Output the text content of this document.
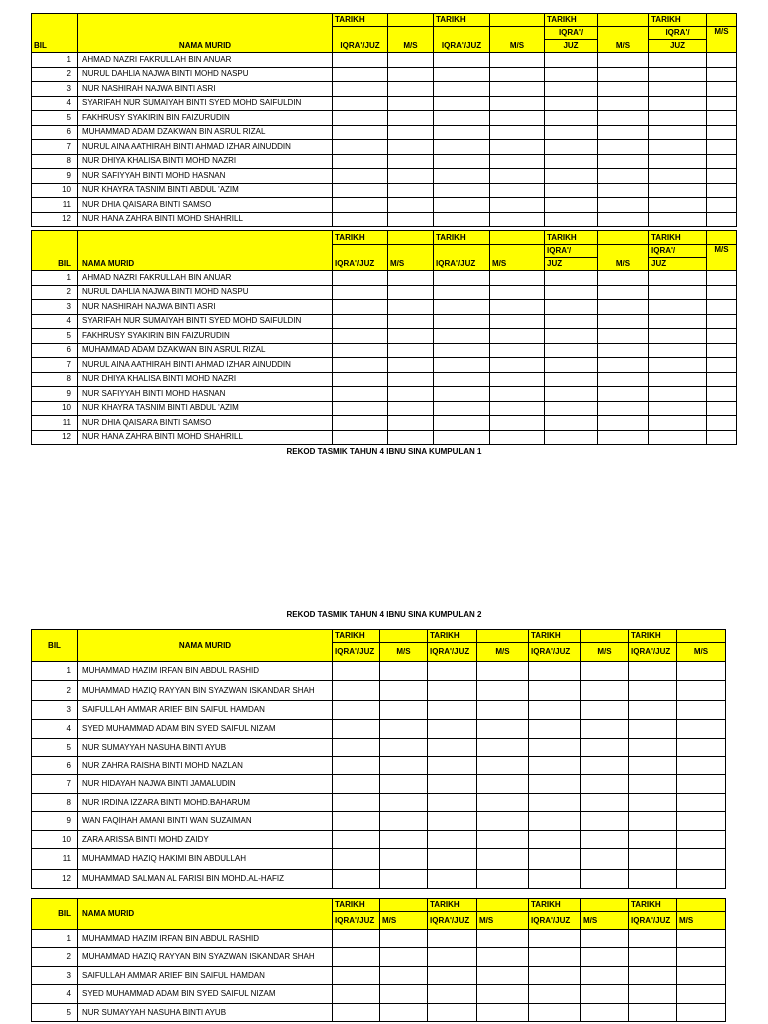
BIL	NAMA MURID	TARIKH		TARIKH		TARIKH		TARIKH	
		IQRA'/JUZ	M/S	IQRA'/JUZ	M/S	IQRA'/	M/S	IQRA'/	M/S
						JUZ		JUZ	
1	AHMAD NAZRI FAKRULLAH BIN ANUAR								
2	NURUL DAHLIA NAJWA BINTI MOHD NASPU								
3	NUR NASHIRAH NAJWA BINTI ASRI								
4	SYARIFAH NUR SUMAIYAH BINTI SYED MOHD SAIFULDIN								
5	FAKHRUSY SYAKIRIN BIN FAIZURUDIN								
6	MUHAMMAD ADAM DZAKWAN BIN ASRUL RIZAL								
7	NURUL AINA AATHIRAH BINTI AHMAD IZHAR AINUDDIN								
8	NUR DHIYA KHALISA BINTI MOHD NAZRI								
9	NUR SAFIYYAH BINTI MOHD HASNAN								
10	NUR KHAYRA TASNIM BINTI ABDUL 'AZIM								
11	NUR DHIA QAISARA BINTI SAMSO								
12	NUR HANA ZAHRA BINTI MOHD SHAHRILL								
BIL	NAMA MURID	TARIKH		TARIKH		TARIKH		TARIKH	
		IQRA'/JUZ	M/S	IQRA'/JUZ	M/S	IQRA'/	M/S	IQRA'/	M/S
						JUZ		JUZ	
1	AHMAD NAZRI FAKRULLAH BIN ANUAR								
2	NURUL DAHLIA NAJWA BINTI MOHD NASPU								
3	NUR NASHIRAH NAJWA BINTI ASRI								
4	SYARIFAH NUR SUMAIYAH BINTI SYED MOHD SAIFULDIN								
5	FAKHRUSY SYAKIRIN BIN FAIZURUDIN								
6	MUHAMMAD ADAM DZAKWAN BIN ASRUL RIZAL								
7	NURUL AINA AATHIRAH BINTI AHMAD IZHAR AINUDDIN								
8	NUR DHIYA KHALISA BINTI MOHD NAZRI								
9	NUR SAFIYYAH BINTI MOHD HASNAN								
10	NUR KHAYRA TASNIM BINTI ABDUL 'AZIM								
11	NUR DHIA QAISARA BINTI SAMSO								
12	NUR HANA ZAHRA BINTI MOHD SHAHRILL								
REKOD TASMIK TAHUN 4 IBNU SINA KUMPULAN 1
REKOD TASMIK TAHUN 4 IBNU SINA KUMPULAN 2
BIL	NAMA MURID	TARIKH		TARIKH		TARIKH		TARIKH	
		IQRA'/JUZ	M/S	IQRA'/JUZ	M/S	IQRA'/JUZ	M/S	IQRA'/JUZ	M/S
1	MUHAMMAD HAZIM IRFAN BIN ABDUL RASHID								
2	MUHAMMAD HAZIQ RAYYAN BIN SYAZWAN ISKANDAR SHAH								
3	SAIFULLAH AMMAR ARIEF BIN SAIFUL HAMDAN								
4	SYED MUHAMMAD ADAM BIN SYED SAIFUL NIZAM								
5	NUR SUMAYYAH NASUHA BINTI AYUB								
6	NUR ZAHRA RAISHA BINTI MOHD NAZLAN								
7	NUR HIDAYAH NAJWA BINTI JAMALUDIN								
8	NUR IRDINA IZZARA BINTI MOHD.BAHARUM								
9	WAN FAQIHAH AMANI BINTI WAN SUZAIMAN								
10	ZARA ARISSA BINTI MOHD ZAIDY								
11	MUHAMMAD HAZIQ HAKIMI BIN ABDULLAH								
12	MUHAMMAD SALMAN AL FARISI BIN MOHD.AL-HAFIZ								
BIL	NAMA MURID	TARIKH		TARIKH		TARIKH		TARIKH	
		IQRA'/JUZ	M/S	IQRA'/JUZ	M/S	IQRA'/JUZ	M/S	IQRA'/JUZ	M/S
1	MUHAMMAD HAZIM IRFAN BIN ABDUL RASHID								
2	MUHAMMAD HAZIQ RAYYAN BIN SYAZWAN ISKANDAR SHAH								
3	SAIFULLAH AMMAR ARIEF BIN SAIFUL HAMDAN								
4	SYED MUHAMMAD ADAM BIN SYED SAIFUL NIZAM								
5	NUR SUMAYYAH NASUHA BINTI AYUB								
